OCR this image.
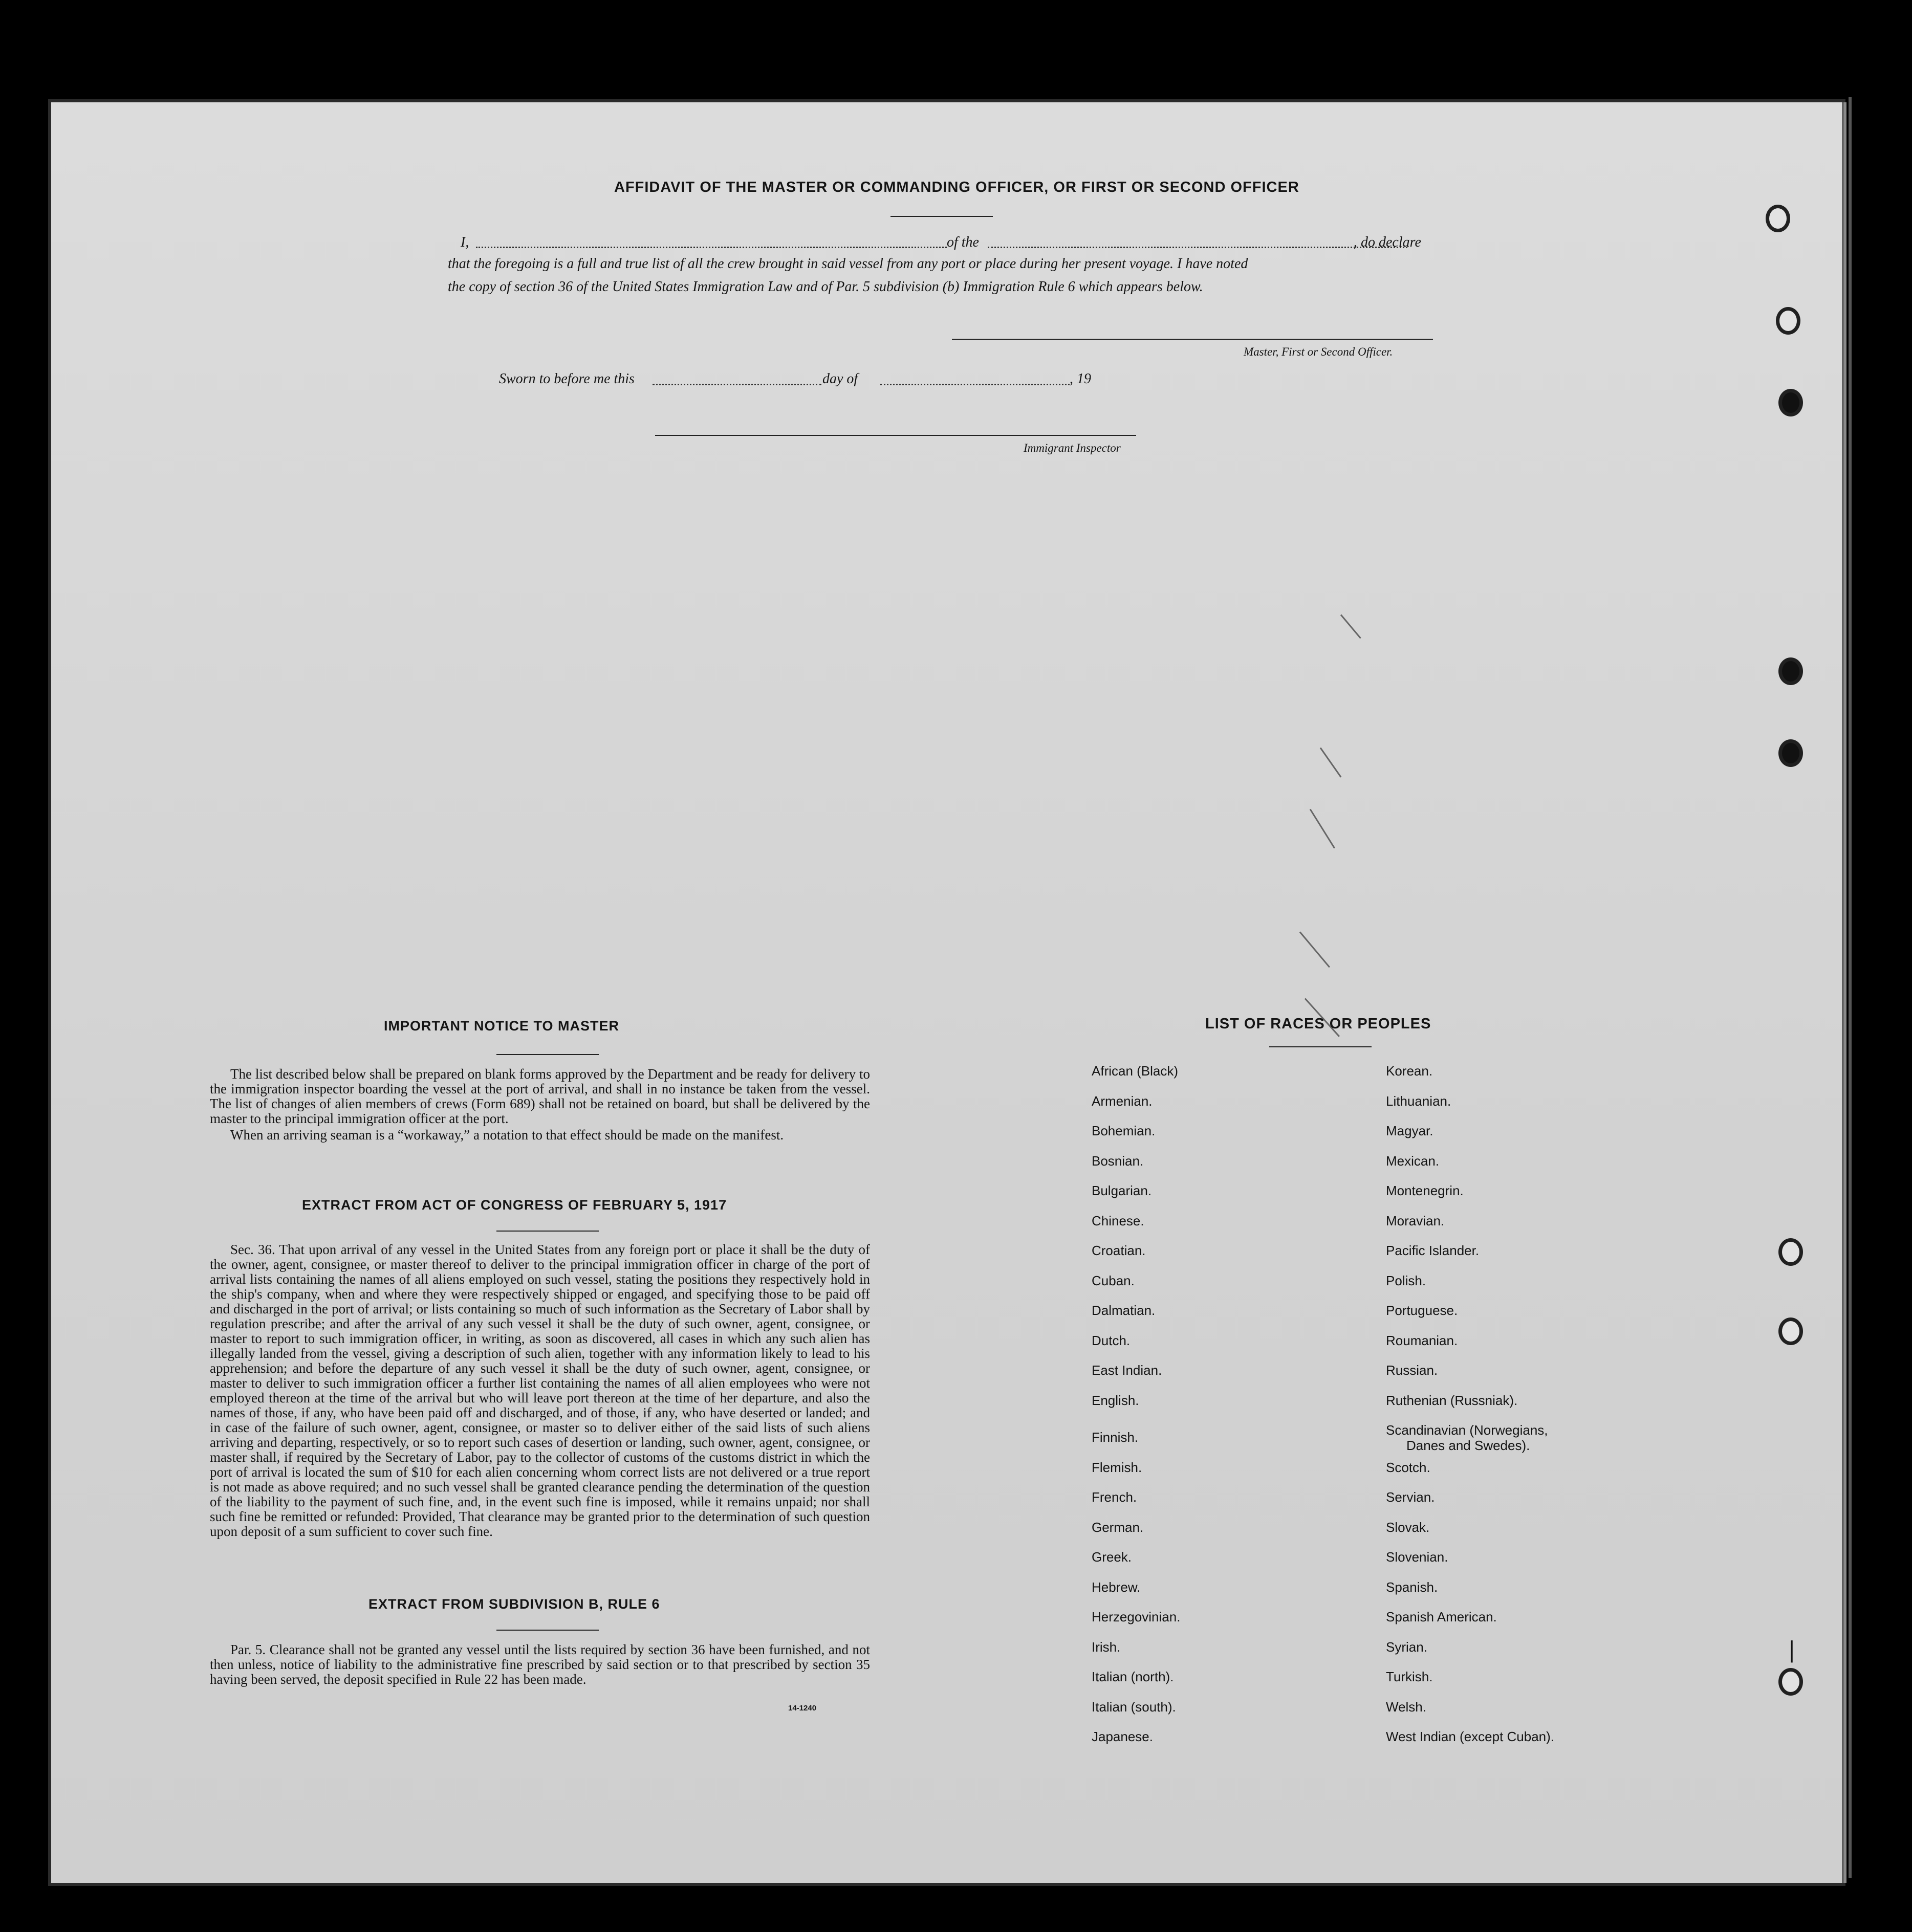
AFFIDAVIT OF THE MASTER OR COMMANDING OFFICER, OR FIRST OR SECOND OFFICER
I,	of the	, do declare
that the foregoing is a full and true list of all the crew brought in said vessel from any port or place during her present voyage. I have noted
the copy of section 36 of the United States Immigration Law and of Par. 5 subdivision (b) Immigration Rule 6 which appears below.
Master, First or Second Officer.
Sworn to before me this	day of	, 19
Immigrant Inspector
IMPORTANT NOTICE TO MASTER
The list described below shall be prepared on blank forms approved by the Department and be ready for delivery to the immigration inspector boarding the vessel at the port of arrival, and shall in no instance be taken from the vessel. The list of changes of alien members of crews (Form 689) shall not be retained on board, but shall be delivered by the master to the principal immigration officer at the port.
When an arriving seaman is a “workaway,” a notation to that effect should be made on the manifest.
EXTRACT FROM ACT OF CONGRESS OF FEBRUARY 5, 1917
Sec. 36. That upon arrival of any vessel in the United States from any foreign port or place it shall be the duty of the owner, agent, consignee, or master thereof to deliver to the principal immigration officer in charge of the port of arrival lists containing the names of all aliens employed on such vessel, stating the positions they respectively hold in the ship's company, when and where they were respectively shipped or engaged, and specifying those to be paid off and discharged in the port of arrival; or lists containing so much of such information as the Secretary of Labor shall by regulation prescribe; and after the arrival of any such vessel it shall be the duty of such owner, agent, consignee, or master to report to such immigration officer, in writing, as soon as discovered, all cases in which any such alien has illegally landed from the vessel, giving a description of such alien, together with any information likely to lead to his apprehension; and before the departure of any such vessel it shall be the duty of such owner, agent, consignee, or master to deliver to such immigration officer a further list containing the names of all alien employees who were not employed thereon at the time of the arrival but who will leave port thereon at the time of her departure, and also the names of those, if any, who have been paid off and discharged, and of those, if any, who have deserted or landed; and in case of the failure of such owner, agent, consignee, or master so to deliver either of the said lists of such aliens arriving and departing, respectively, or so to report such cases of desertion or landing, such owner, agent, consignee, or master shall, if required by the Secretary of Labor, pay to the collector of customs of the customs district in which the port of arrival is located the sum of $10 for each alien concerning whom correct lists are not delivered or a true report is not made as above required; and no such vessel shall be granted clearance pending the determination of the question of the liability to the payment of such fine, and, in the event such fine is imposed, while it remains unpaid; nor shall such fine be remitted or refunded: Provided, That clearance may be granted prior to the determination of such question upon deposit of a sum sufficient to cover such fine.
EXTRACT FROM SUBDIVISION B, RULE 6
Par. 5. Clearance shall not be granted any vessel until the lists required by section 36 have been furnished, and not then unless, notice of liability to the administrative fine prescribed by said section or to that prescribed by section 35 having been served, the deposit specified in Rule 22 has been made.
14-1240
LIST OF RACES OR PEOPLES
African (Black)
Armenian.
Bohemian.
Bosnian.
Bulgarian.
Chinese.
Croatian.
Cuban.
Dalmatian.
Dutch.
East Indian.
English.
Finnish.
Flemish.
French.
German.
Greek.
Hebrew.
Herzegovinian.
Irish.
Italian (north).
Italian (south).
Japanese.
Korean.
Lithuanian.
Magyar.
Mexican.
Montenegrin.
Moravian.
Pacific Islander.
Polish.
Portuguese.
Roumanian.
Russian.
Ruthenian (Russniak).
Scandinavian (Norwegians,
Danes and Swedes).
Scotch.
Servian.
Slovak.
Slovenian.
Spanish.
Spanish American.
Syrian.
Turkish.
Welsh.
West Indian (except Cuban).
∣
